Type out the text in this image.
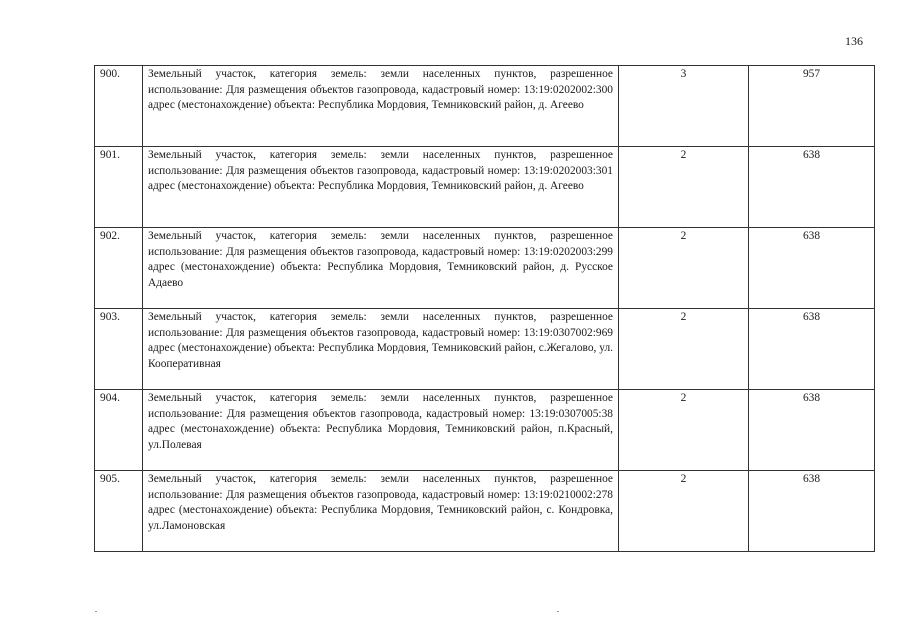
136
900.	Земельный участок, категория земель: земли населенных пунктов, разрешенное использование: Для размещения объектов газопровода, кадастровый номер: 13:19:0202002:300 адрес (местонахождение) объекта: Республика Мордовия, Темниковский район, д. Агеево	3	957
901.	Земельный участок, категория земель: земли населенных пунктов, разрешенное использование: Для размещения объектов газопровода, кадастровый номер: 13:19:0202003:301 адрес (местонахождение) объекта: Республика Мордовия, Темниковский район, д. Агеево	2	638
902.	Земельный участок, категория земель: земли населенных пунктов, разрешенное использование: Для размещения объектов газопровода, кадастровый номер: 13:19:0202003:299 адрес (местонахождение) объекта: Республика Мордовия, Темниковский район, д. Русское Адаево	2	638
903.	Земельный участок, категория земель: земли населенных пунктов, разрешенное использование: Для размещения объектов газопровода, кадастровый номер: 13:19:0307002:969 адрес (местонахождение) объекта: Республика Мордовия, Темниковский район, с.Жегалово, ул. Кооперативная	2	638
904.	Земельный участок, категория земель: земли населенных пунктов, разрешенное использование: Для размещения объектов газопровода, кадастровый номер: 13:19:0307005:38 адрес (местонахождение) объекта: Республика Мордовия, Темниковский район, п.Красный, ул.Полевая	2	638
905.	Земельный участок, категория земель: земли населенных пунктов, разрешенное использование: Для размещения объектов газопровода, кадастровый номер: 13:19:0210002:278 адрес (местонахождение) объекта: Республика Мордовия, Темниковский район, с. Кондровка, ул.Ламоновская	2	638
